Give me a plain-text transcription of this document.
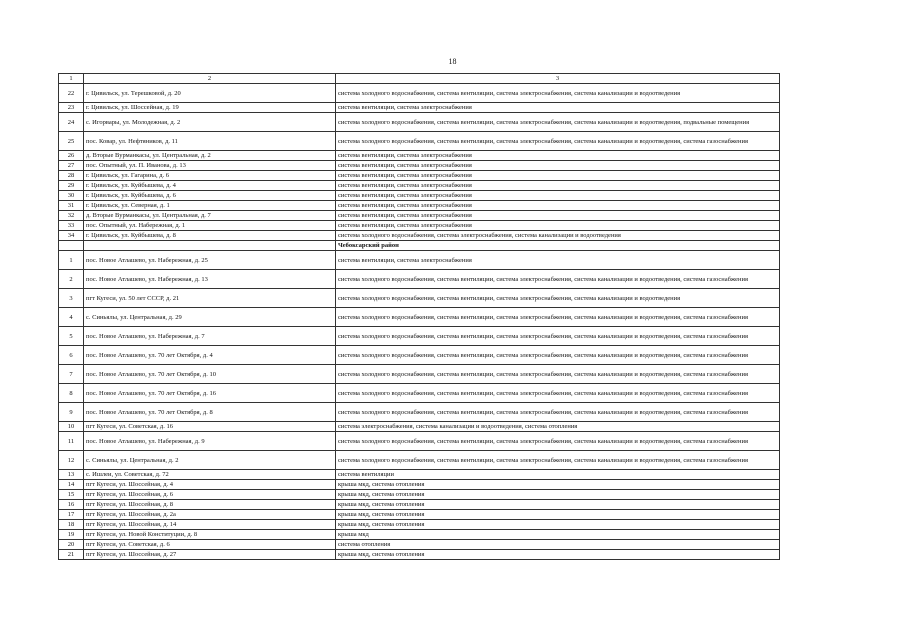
18
1	2	3
22	г. Цивильск, ул. Терешковой, д. 20	система холодного водоснабжения, система вентиляции, система электроснабжения, система канализации и водоотведения
23	г. Цивильск, ул. Шоссейная, д. 19	система вентиляции, система электроснабжения
24	с. Игорвары, ул. Молодежная, д. 2	система холодного водоснабжения, система вентиляции, система электроснабжения, система канализации и водоотведения, подвальные помещения
25	пос. Ковар, ул. Нефтяников, д. 11	система холодного водоснабжения, система вентиляции, система электроснабжения, система канализации и водоотведения, система газоснабжения
26	д. Вторые Вурманкасы, ул. Центральная, д. 2	система вентиляции, система электроснабжения
27	пос. Опытный, ул. П. Иванова, д. 13	система вентиляции, система электроснабжения
28	г. Цивильск, ул. Гагарина, д. 6	система вентиляции, система электроснабжения
29	г. Цивильск, ул. Куйбышева, д. 4	система вентиляции, система электроснабжения
30	г. Цивильск, ул. Куйбышева, д. 6	система вентиляции, система электроснабжения
31	г. Цивильск, ул. Северная, д. 1	система вентиляции, система электроснабжения
32	д. Вторые Вурманкасы, ул. Центральная, д. 7	система вентиляции, система электроснабжения
33	пос. Опытный, ул. Набережная, д. 1	система вентиляции, система электроснабжения
34	г. Цивильск, ул. Куйбышева, д. 8	система холодного водоснабжения, система электроснабжения, система канализации и водоотведения
		Чебоксарский район
1	пос. Новое Атлашево, ул. Набережная, д. 25	система вентиляции, система электроснабжения
2	пос. Новое Атлашево, ул. Набережная, д. 13	система холодного водоснабжения, система вентиляции, система электроснабжения, система канализации и водоотведения, система газоснабжения
3	пгт Кугеси, ул. 50 лет СССР, д. 21	система холодного водоснабжения, система вентиляции, система электроснабжения, система канализации и водоотведения
4	с. Синьялы, ул. Центральная, д. 29	система холодного водоснабжения, система вентиляции, система электроснабжения, система канализации и водоотведения, система газоснабжения
5	пос. Новое Атлашево, ул. Набережная, д. 7	система холодного водоснабжения, система вентиляции, система электроснабжения, система канализации и водоотведения, система газоснабжения
6	пос. Новое Атлашево, ул. 70 лет Октября, д. 4	система холодного водоснабжения, система вентиляции, система электроснабжения, система канализации и водоотведения, система газоснабжения
7	пос. Новое Атлашево, ул. 70 лет Октября, д. 10	система холодного водоснабжения, система вентиляции, система электроснабжения, система канализации и водоотведения, система газоснабжения
8	пос. Новое Атлашево, ул. 70 лет Октября, д. 16	система холодного водоснабжения, система вентиляции, система электроснабжения, система канализации и водоотведения, система газоснабжения
9	пос. Новое Атлашево, ул. 70 лет Октября, д. 8	система холодного водоснабжения, система вентиляции, система электроснабжения, система канализации и водоотведения, система газоснабжения
10	пгт Кугеси, ул. Советская, д. 16	система электроснабжения, система канализации и водоотведения, система отопления
11	пос. Новое Атлашево, ул. Набережная, д. 9	система холодного водоснабжения, система вентиляции, система электроснабжения, система канализации и водоотведения, система газоснабжения
12	с. Синьялы, ул. Центральная, д. 2	система холодного водоснабжения, система вентиляции, система электроснабжения, система канализации и водоотведения, система газоснабжения
13	с. Ишлеи, ул. Советская, д. 72	система вентиляции
14	пгт Кугеси, ул. Шоссейная, д. 4	крыша мкд, система отопления
15	пгт Кугеси, ул. Шоссейная, д. 6	крыша мкд, система отопления
16	пгт Кугеси, ул. Шоссейная, д. 8	крыша мкд, система отопления
17	пгт Кугеси, ул. Шоссейная, д. 2а	крыша мкд, система отопления
18	пгт Кугеси, ул. Шоссейная, д. 14	крыша мкд, система отопления
19	пгт Кугеси, ул. Новой Конституции, д. 8	крыша мкд
20	пгт Кугеси, ул. Советская, д. 6	система отопления
21	пгт Кугеси, ул. Шоссейная, д. 27	крыша мкд, система отопления
